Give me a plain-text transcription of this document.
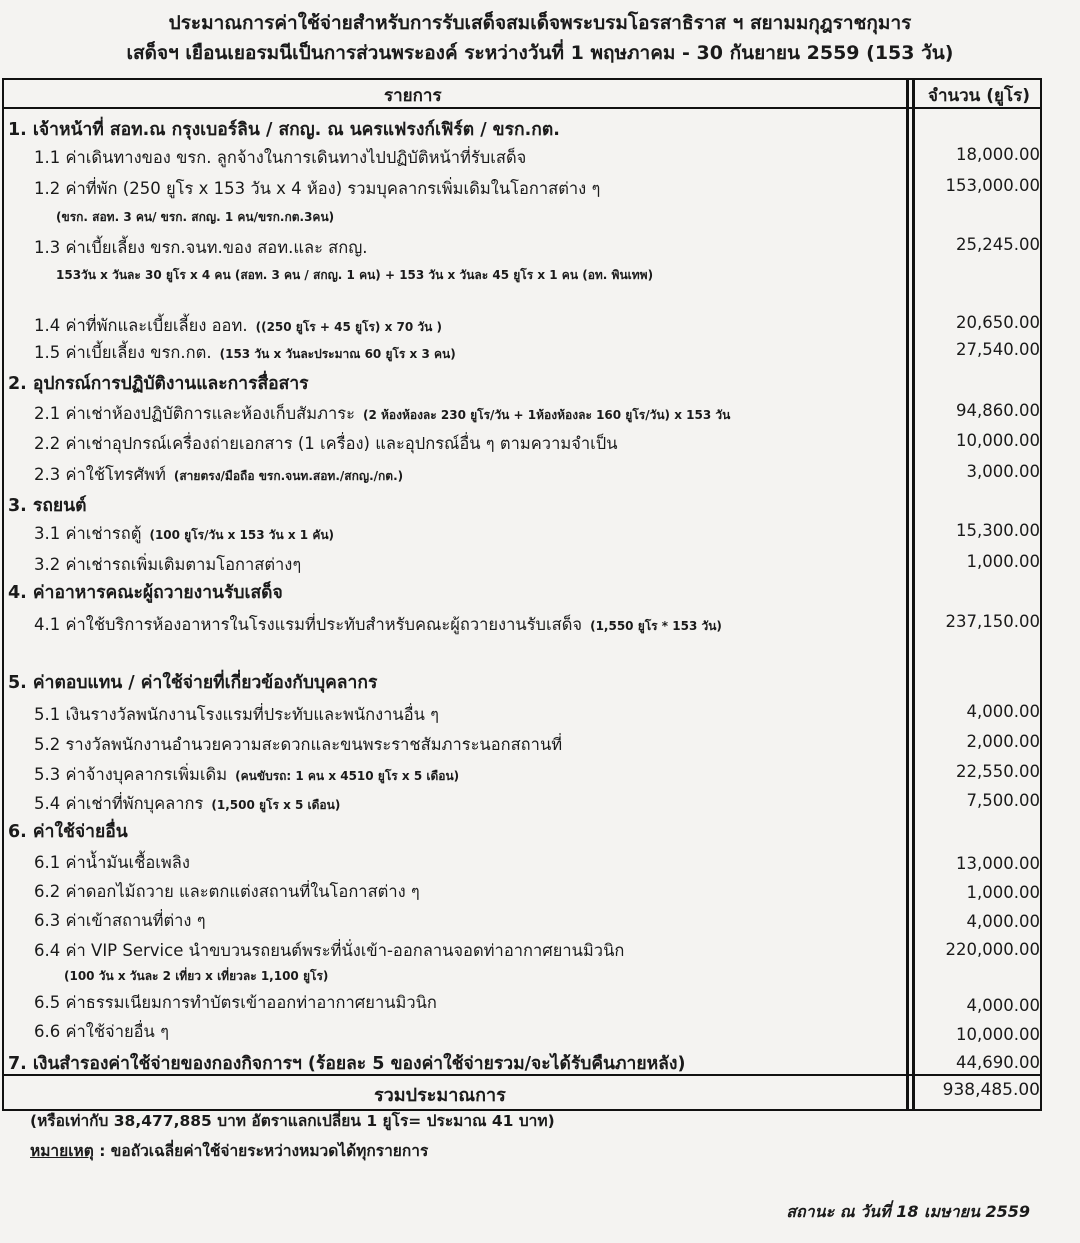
ประมาณการค่าใช้จ่ายสำหรับการรับเสด็จสมเด็จพระบรมโอรสาธิราส ฯ สยามมกุฎราชกุมาร
เสด็จฯ เยือนเยอรมนีเป็นการส่วนพระองค์ ระหว่างวันที่ 1 พฤษภาคม - 30 กันยายน 2559 (153 วัน)
รายการ	จำนวน (ยูโร)
1. เจ้าหน้าที่ สอท.ณ กรุงเบอร์ลิน / สกญ. ณ นครแฟรงก์เฟิร์ต / ขรก.กต.
1.1 ค่าเดินทางของ ขรก. ลูกจ้างในการเดินทางไปปฏิบัติหน้าที่รับเสด็จ	18,000.00
1.2 ค่าที่พัก (250 ยูโร x 153 วัน x 4 ห้อง) รวมบุคลากรเพิ่มเดิมในโอกาสต่าง ๆ	153,000.00
(ขรก. สอท. 3 คน/ ขรก. สกญ. 1 คน/ขรก.กต.3คน)
1.3 ค่าเบี้ยเลี้ยง ขรก.จนท.ของ สอท.และ สกญ.	25,245.00
153วัน x วันละ 30 ยูโร x 4 คน (สอท. 3 คน / สกญ. 1 คน) + 153 วัน x วันละ 45 ยูโร x 1 คน (อท. พินเทพ)
1.4 ค่าที่พักและเบี้ยเลี้ยง ออท. ((250 ยูโร + 45 ยูโร) x 70 วัน )	20,650.00
1.5 ค่าเบี้ยเลี้ยง ขรก.กต. (153 วัน x วันละประมาณ 60 ยูโร x 3 คน)	27,540.00
2. อุปกรณ์การปฏิบัติงานและการสื่อสาร
2.1 ค่าเช่าห้องปฏิบัติการและห้องเก็บสัมภาระ (2 ห้องห้องละ 230 ยูโร/วัน + 1ห้องห้องละ 160 ยูโร/วัน) x 153 วัน	94,860.00
2.2 ค่าเช่าอุปกรณ์เครื่องถ่ายเอกสาร (1 เครื่อง) และอุปกรณ์อื่น ๆ ตามความจำเป็น	10,000.00
2.3 ค่าใช้โทรศัพท์ (สายตรง/มือถือ ขรก.จนท.สอท./สกญ./กต.)	3,000.00
3. รถยนต์
3.1 ค่าเช่ารถตู้ (100 ยูโร/วัน x 153 วัน x 1 คัน)	15,300.00
3.2 ค่าเช่ารถเพิ่มเติมตามโอกาสต่างๆ	1,000.00
4. ค่าอาหารคณะผู้ถวายงานรับเสด็จ
4.1 ค่าใช้บริการห้องอาหารในโรงแรมที่ประทับสำหรับคณะผู้ถวายงานรับเสด็จ (1,550 ยูโร * 153 วัน)	237,150.00
5. ค่าตอบแทน / ค่าใช้จ่ายที่เกี่ยวข้องกับบุคลากร
5.1 เงินรางวัลพนักงานโรงแรมที่ประทับและพนักงานอื่น ๆ	4,000.00
5.2 รางวัลพนักงานอำนวยความสะดวกและขนพระราชสัมภาระนอกสถานที่	2,000.00
5.3 ค่าจ้างบุคลากรเพิ่มเดิม (คนขับรถ: 1 คน x 4510 ยูโร x 5 เดือน)	22,550.00
5.4 ค่าเช่าที่พักบุคลากร (1,500 ยูโร x 5 เดือน)	7,500.00
6. ค่าใช้จ่ายอื่น
6.1 ค่าน้ำมันเชื้อเพลิง	13,000.00
6.2 ค่าดอกไม้ถวาย และตกแต่งสถานที่ในโอกาสต่าง ๆ	1,000.00
6.3 ค่าเข้าสถานที่ต่าง ๆ	4,000.00
6.4 ค่า VIP Service นำขบวนรถยนต์พระที่นั่งเข้า-ออกลานจอดท่าอากาศยานมิวนิก	220,000.00
(100 วัน x วันละ 2 เที่ยว x เที่ยวละ 1,100 ยูโร)
6.5 ค่าธรรมเนียมการทำบัตรเข้าออกท่าอากาศยานมิวนิก	4,000.00
6.6 ค่าใช้จ่ายอื่น ๆ	10,000.00
7. เงินสำรองค่าใช้จ่ายของกองกิจการฯ (ร้อยละ 5 ของค่าใช้จ่ายรวม/จะได้รับคืนภายหลัง)	44,690.00
รวมประมาณการ	938,485.00
(หรือเท่ากับ 38,477,885 บาท อัตราแลกเปลี่ยน 1 ยูโร= ประมาณ 41 บาท)
หมายเหตุ : ขอถัวเฉลี่ยค่าใช้จ่ายระหว่างหมวดได้ทุกรายการ
สถานะ ณ วันที่ 18 เมษายน 2559
